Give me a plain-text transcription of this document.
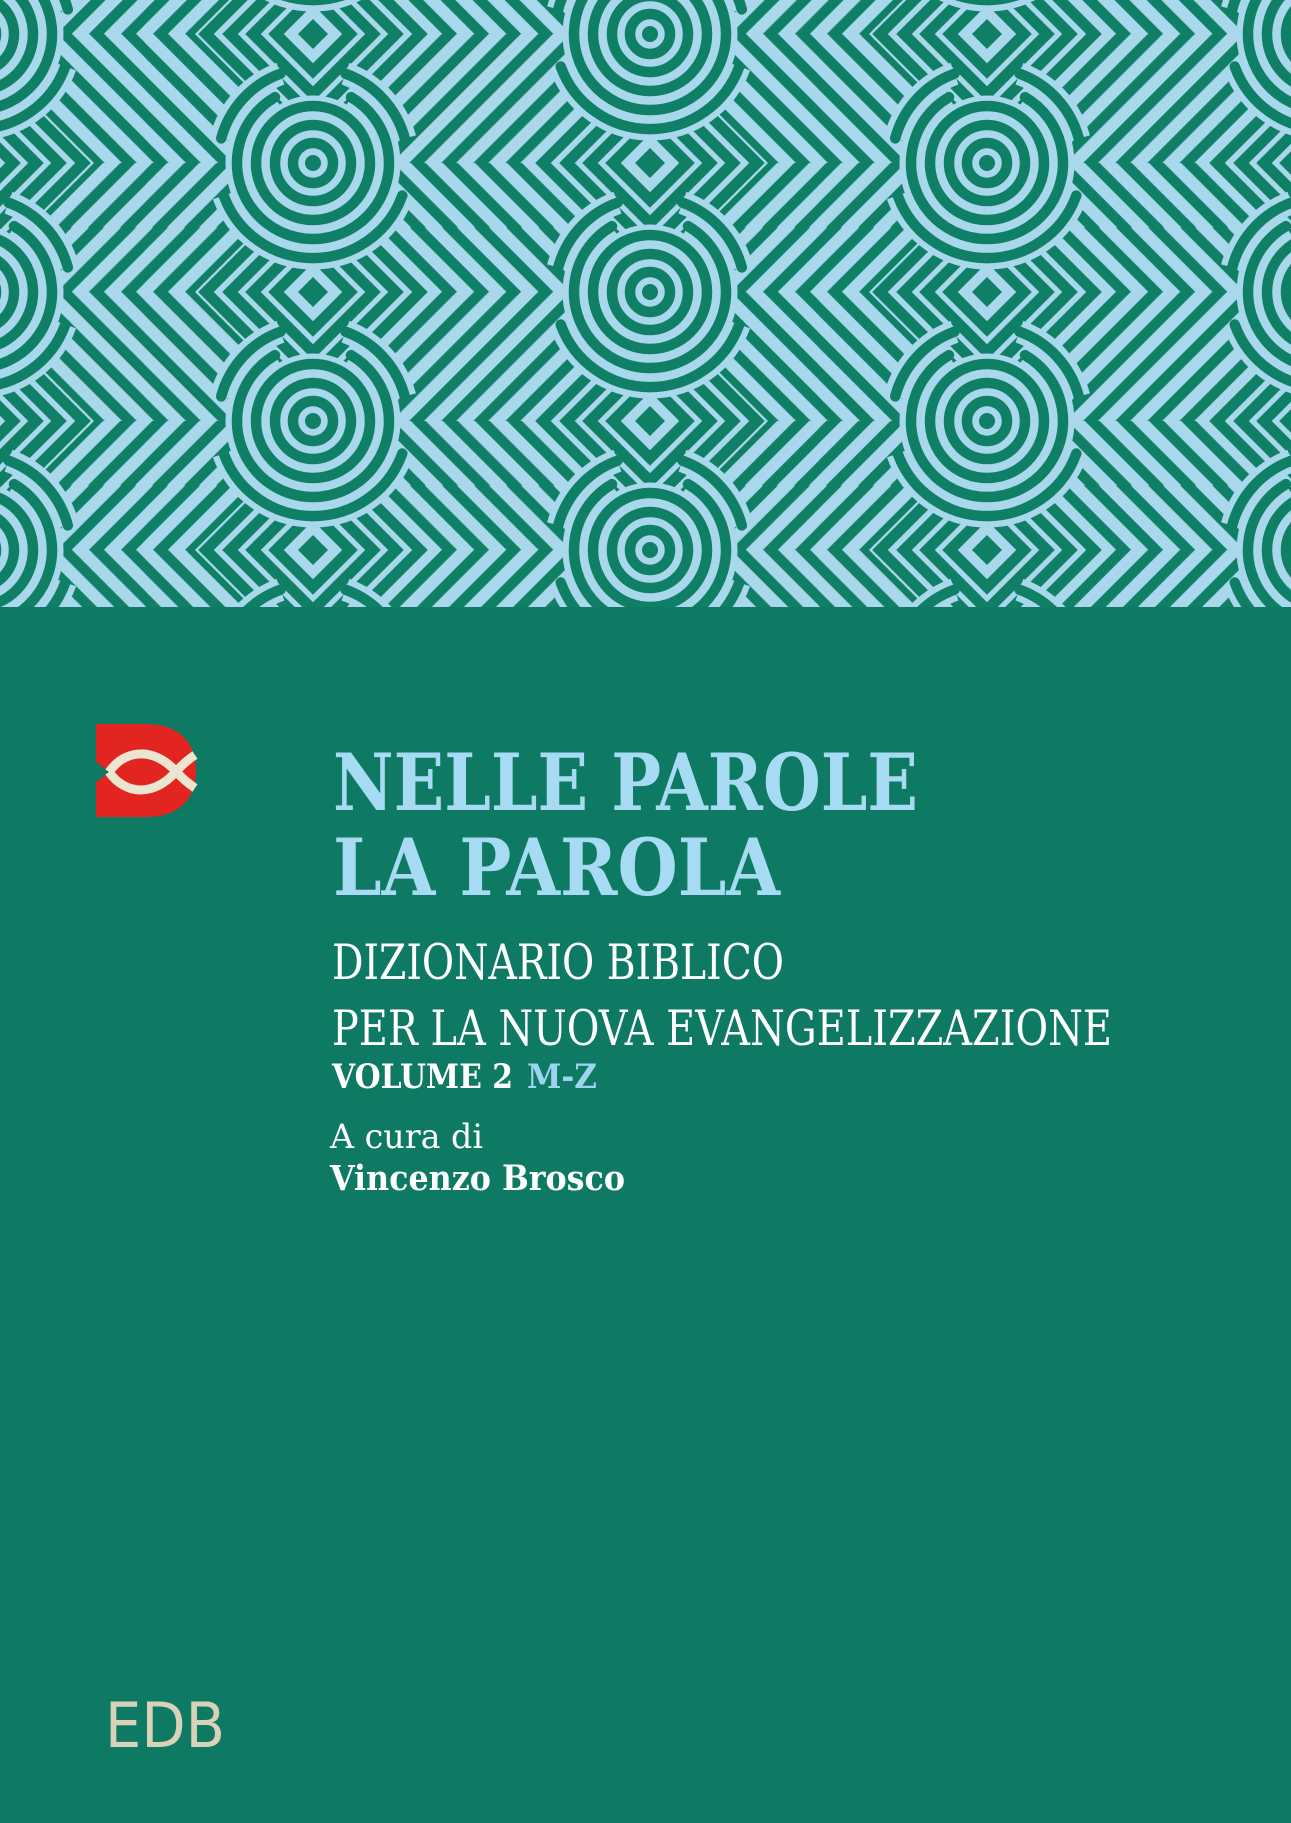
NELLE PAROLE
LA PAROLA
DIZIONARIO BIBLICO
PER LA NUOVA EVANGELIZZAZIONE
VOLUME 2 M-Z
A cura di
Vincenzo Brosco
EDB
